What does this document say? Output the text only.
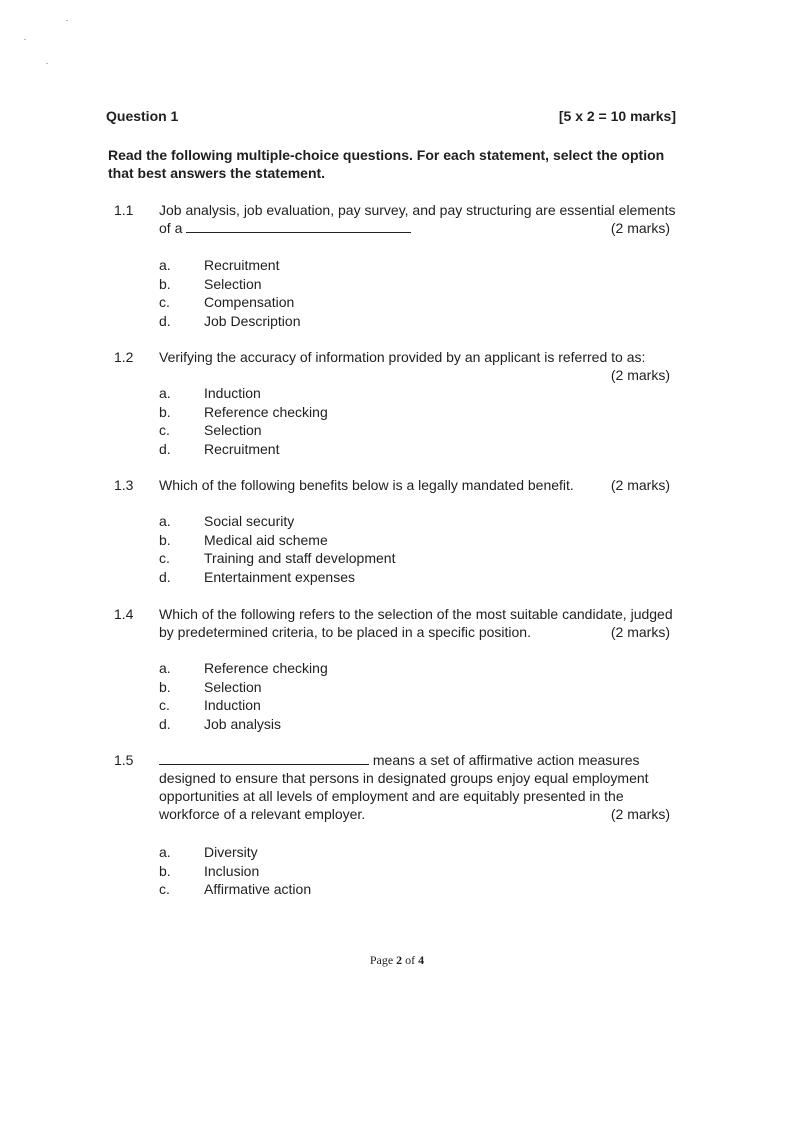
Question 1	[5 x 2 = 10 marks]
Read the following multiple-choice questions. For each statement, select the option that best answers the statement.
1.1 Job analysis, job evaluation, pay survey, and pay structuring are essential elements
of a	(2 marks)
a. Recruitment
b. Selection
c. Compensation
d. Job Description
1.2 Verifying the accuracy of information provided by an applicant is referred to as:
(2 marks)
a. Induction
b. Reference checking
c. Selection
d. Recruitment
1.3 Which of the following benefits below is a legally mandated benefit.	(2 marks)
a. Social security
b. Medical aid scheme
c. Training and staff development
d. Entertainment expenses
1.4 Which of the following refers to the selection of the most suitable candidate, judged
by predetermined criteria, to be placed in a specific position.	(2 marks)
a. Reference checking
b. Selection
c. Induction
d. Job analysis
1.5	means a set of affirmative action measures
designed to ensure that persons in designated groups enjoy equal employment
opportunities at all levels of employment and are equitably presented in the
workforce of a relevant employer.	(2 marks)
a. Diversity
b. Inclusion
c. Affirmative action
Page 2 of 4
